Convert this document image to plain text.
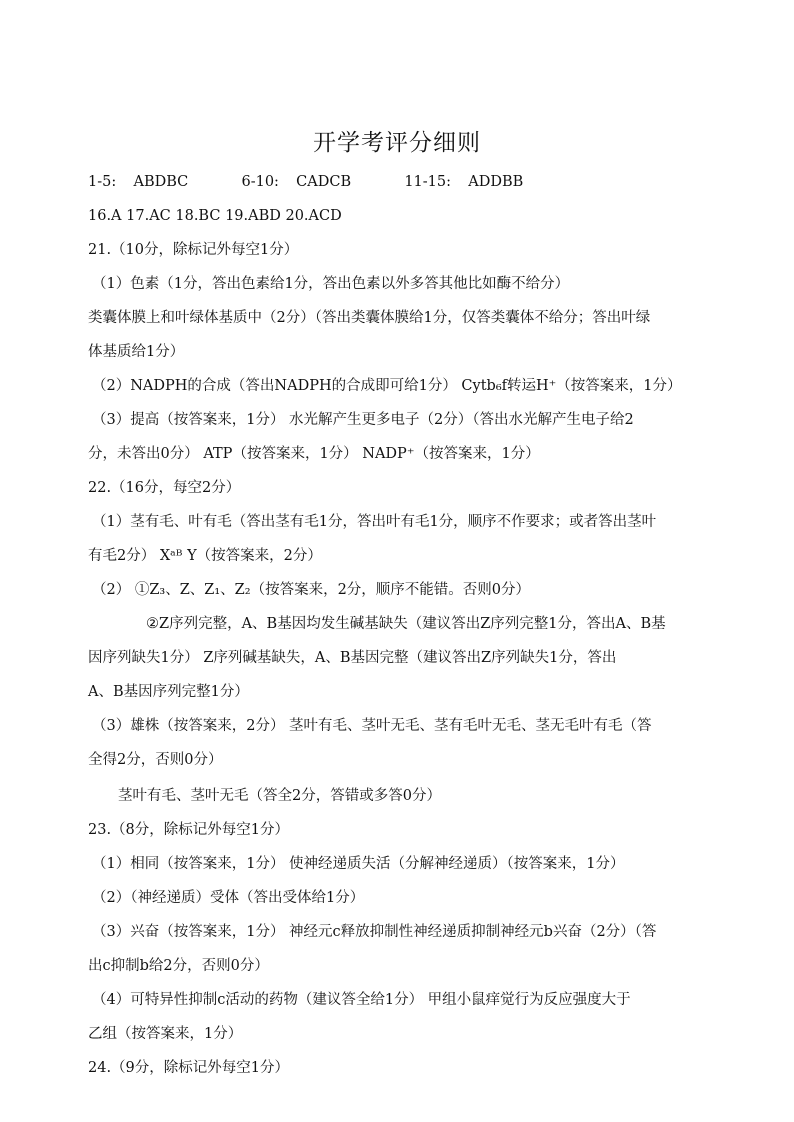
开学考评分细则
1-5: ABDBC	6-10: CADCB	11-15: ADDBB
16.A 17.AC 18.BC 19.ABD 20.ACD
21.（10分，除标记外每空1分）
（1）色素（1分，答出色素给1分，答出色素以外多答其他比如酶不给分）
类囊体膜上和叶绿体基质中（2分）（答出类囊体膜给1分，仅答类囊体不给分；答出叶绿
体基质给1分）
（2）NADPH的合成（答出NADPH的合成即可给1分） Cytb₆f转运H⁺（按答案来，1分）
（3）提高（按答案来，1分） 水光解产生更多电子（2分）（答出水光解产生电子给2
分，未答出0分） ATP（按答案来，1分） NADP⁺（按答案来，1分）
22.（16分，每空2分）
（1）茎有毛、叶有毛（答出茎有毛1分，答出叶有毛1分，顺序不作要求；或者答出茎叶
有毛2分） Xᵃᴮ Y（按答案来，2分）
（2） ①Z₃、Z、Z₁、Z₂（按答案来，2分，顺序不能错。否则0分）
②Z序列完整，A、B基因均发生碱基缺失（建议答出Z序列完整1分，答出A、B基
因序列缺失1分） Z序列碱基缺失，A、B基因完整（建议答出Z序列缺失1分，答出
A、B基因序列完整1分）
（3）雄株（按答案来，2分） 茎叶有毛、茎叶无毛、茎有毛叶无毛、茎无毛叶有毛（答
全得2分，否则0分）
茎叶有毛、茎叶无毛（答全2分，答错或多答0分）
23.（8分，除标记外每空1分）
（1）相同（按答案来，1分） 使神经递质失活（分解神经递质）（按答案来，1分）
（2）（神经递质）受体（答出受体给1分）
（3）兴奋（按答案来，1分） 神经元c释放抑制性神经递质抑制神经元b兴奋（2分）（答
出c抑制b给2分，否则0分）
（4）可特异性抑制c活动的药物（建议答全给1分） 甲组小鼠痒觉行为反应强度大于
乙组（按答案来，1分）
24.（9分，除标记外每空1分）
